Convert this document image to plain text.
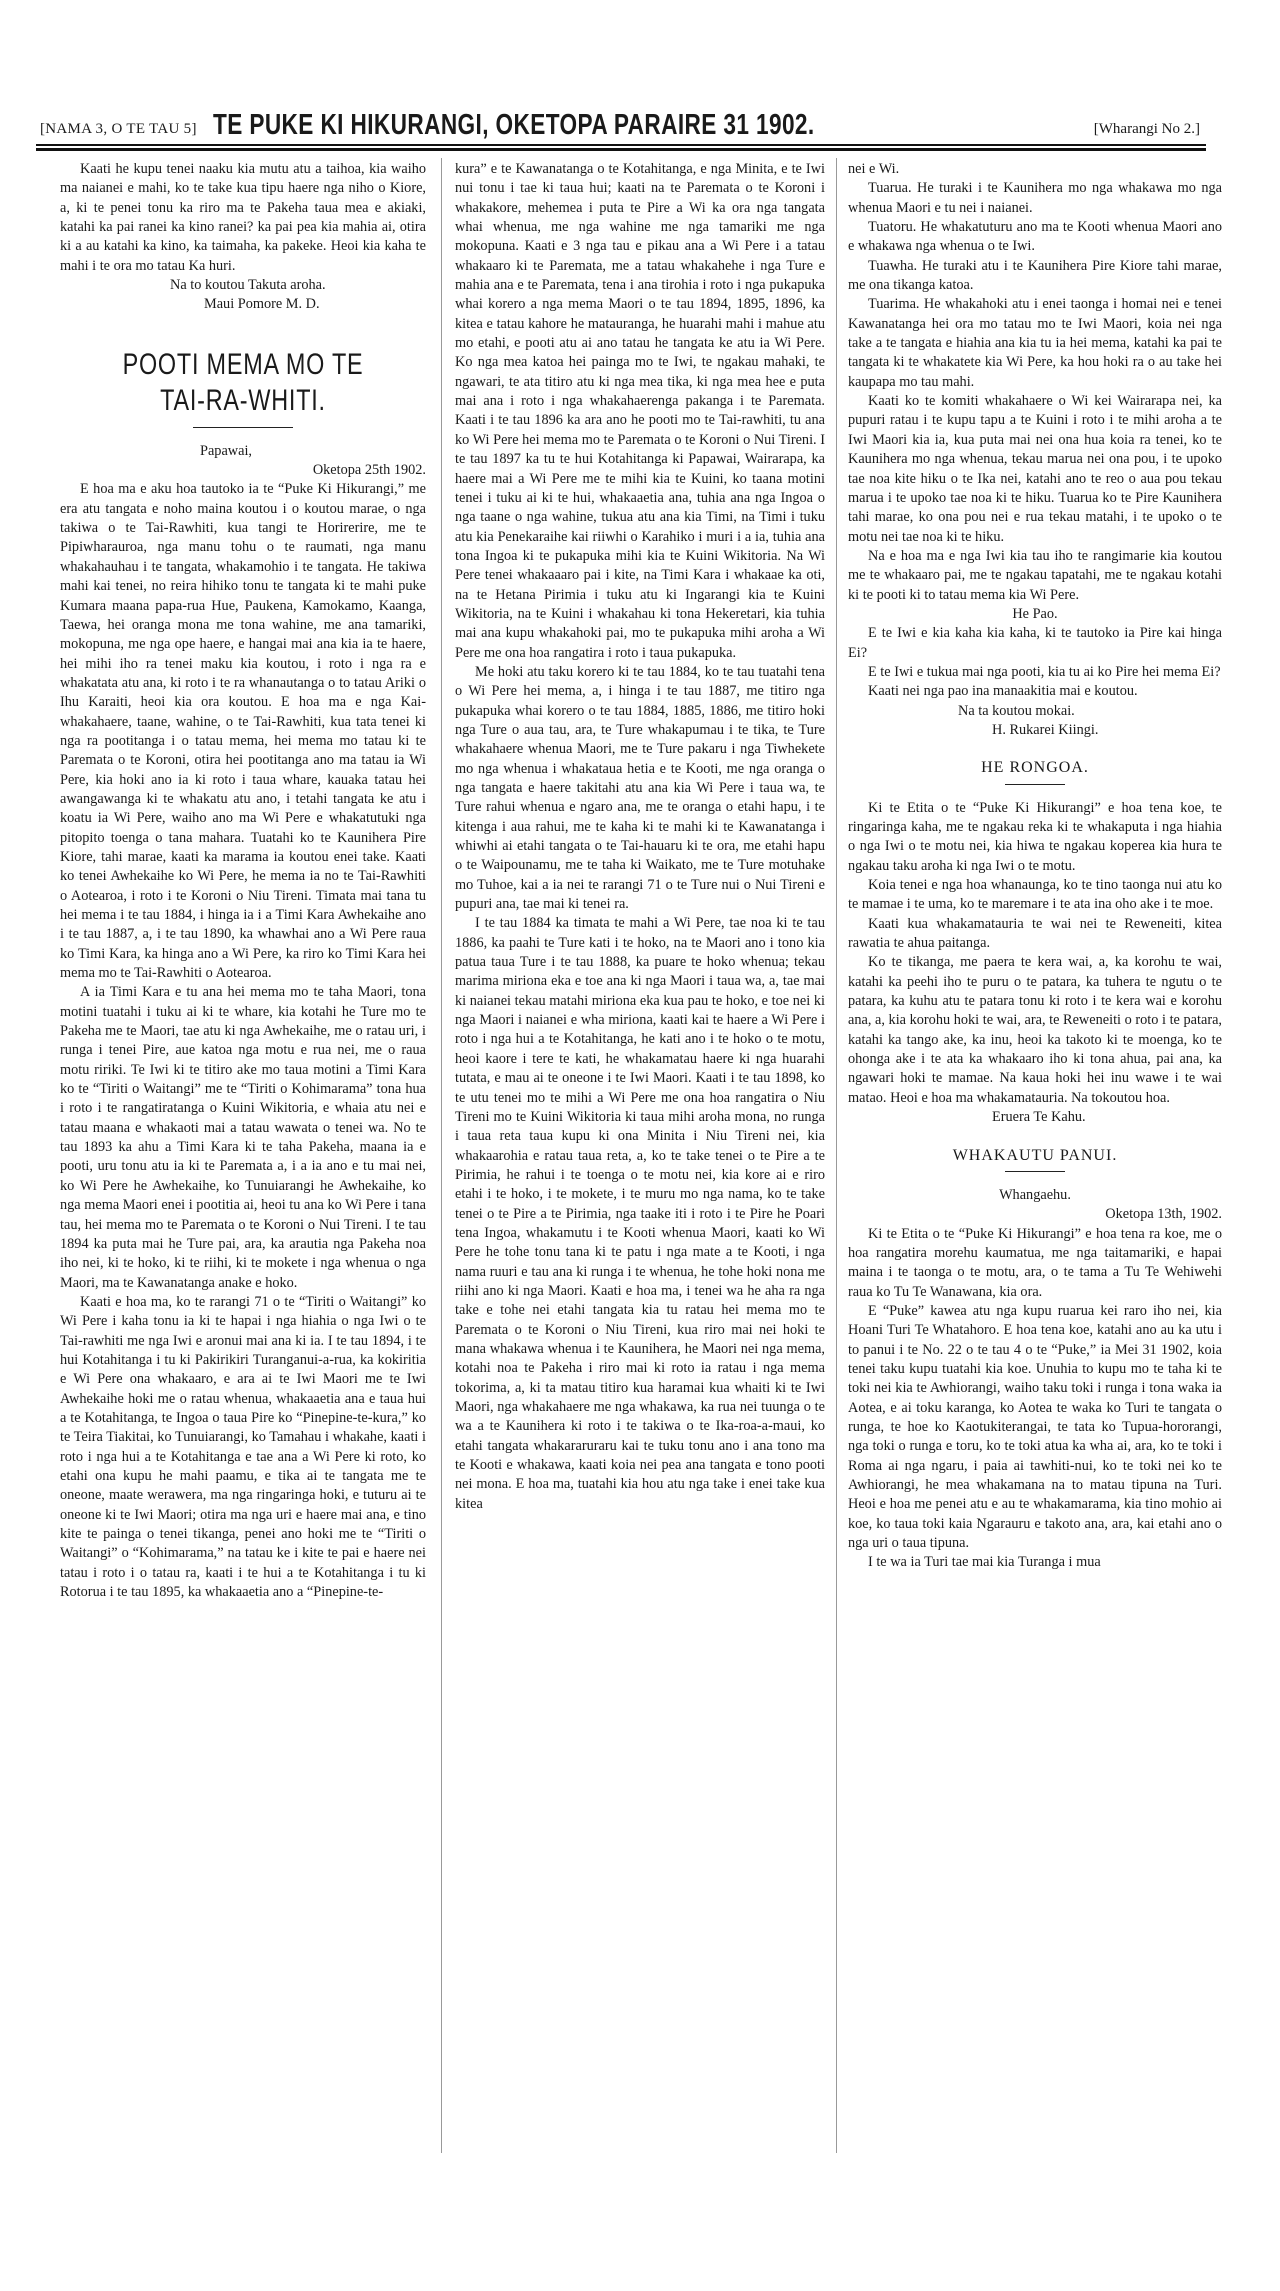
[NAMA 3, O TE TAU 5] TE PUKE KI HIKURANGI, OKETOPA PARAIRE 31 1902.	[Wharangi No 2.]

Kaati he kupu tenei naaku kia mutu atu a taihoa, kia waiho ma naianei e mahi, ko te take kua tipu haere nga niho o Kiore, a, ki te penei tonu ka riro ma te Pakeha taua mea e akiaki, katahi ka pai ranei ka kino ranei? ka pai pea kia mahia ai, otira ki a au katahi ka kino, ka taimaha, ka pakeke. Heoi kia kaha te mahi i te ora mo tatau Ka huri.

Na to koutou Takuta aroha.

Maui Pomore M. D.

POOTI MEMA MO TE TAI-RA-WHITI.

Papawai,

Oketopa 25th 1902.

E hoa ma e aku hoa tautoko ia te “Puke Ki Hikurangi,” me era atu tangata e noho maina koutou i o koutou marae, o nga takiwa o te Tai-Rawhiti, kua tangi te Horirerire, me te Pipiwharauroa, nga manu tohu o te raumati, nga manu whakahauhau i te tangata, whakamohio i te tangata. He takiwa mahi kai tenei, no reira hihiko tonu te tangata ki te mahi puke Kumara maana papa-rua Hue, Paukena, Kamokamo, Kaanga, Taewa, hei oranga mona me tona wahine, me ana tamariki, mokopuna, me nga ope haere, e hangai mai ana kia ia te haere, hei mihi iho ra tenei maku kia koutou, i roto i nga ra e whakatata atu ana, ki roto i te ra whanautanga o to tatau Ariki o Ihu Karaiti, heoi kia ora koutou. E hoa ma e nga Kai-whakahaere, taane, wahine, o te Tai-Rawhiti, kua tata tenei ki nga ra pootitanga i o tatau mema, hei mema mo tatau ki te Paremata o te Koroni, otira hei pootitanga ano ma tatau ia Wi Pere, kia hoki ano ia ki roto i taua whare, kauaka tatau hei awangawanga ki te whakatu atu ano, i tetahi tangata ke atu i koatu ia Wi Pere, waiho ano ma Wi Pere e whakatutuki nga pitopito toenga o tana mahara. Tuatahi ko te Kaunihera Pire Kiore, tahi marae, kaati ka marama ia koutou enei take. Kaati ko tenei Awhekaihe ko Wi Pere, he mema ia no te Tai-Rawhiti o Aotearoa, i roto i te Koroni o Niu Tireni. Timata mai tana tu hei mema i te tau 1884, i hinga ia i a Timi Kara Awhekaihe ano i te tau 1887, a, i te tau 1890, ka whawhai ano a Wi Pere raua ko Timi Kara, ka hinga ano a Wi Pere, ka riro ko Timi Kara hei mema mo te Tai-Rawhiti o Aotearoa.

A ia Timi Kara e tu ana hei mema mo te taha Maori, tona motini tuatahi i tuku ai ki te whare, kia kotahi he Ture mo te Pakeha me te Maori, tae atu ki nga Awhekaihe, me o ratau uri, i runga i tenei Pire, aue katoa nga motu e rua nei, me o raua motu ririki. Te Iwi ki te titiro ake mo taua motini a Timi Kara ko te “Tiriti o Waitangi” me te “Tiriti o Kohimarama” tona hua i roto i te rangatiratanga o Kuini Wikitoria, e whaia atu nei e tatau maana e whakaoti mai a tatau wawata o tenei wa. No te tau 1893 ka ahu a Timi Kara ki te taha Pakeha, maana ia e pooti, uru tonu atu ia ki te Paremata a, i a ia ano e tu mai nei, ko Wi Pere he Awhekaihe, ko Tunuiarangi he Awhekaihe, ko nga mema Maori enei i pootitia ai, heoi tu ana ko Wi Pere i tana tau, hei mema mo te Paremata o te Koroni o Nui Tireni. I te tau 1894 ka puta mai he Ture pai, ara, ka arautia nga Pakeha noa iho nei, ki te hoko, ki te riihi, ki te mokete i nga whenua o nga Maori, ma te Kawanatanga anake e hoko.

Kaati e hoa ma, ko te rarangi 71 o te “Tiriti o Waitangi” ko Wi Pere i kaha tonu ia ki te hapai i nga hiahia o nga Iwi o te Tai-rawhiti me nga Iwi e aronui mai ana ki ia. I te tau 1894, i te hui Kotahitanga i tu ki Pakirikiri Turanganui-a-rua, ka kokiritia e Wi Pere ona whakaaro, e ara ai te Iwi Maori me te Iwi Awhekaihe hoki me o ratau whenua, whakaaetia ana e taua hui a te Kotahitanga, te Ingoa o taua Pire ko “Pinepine-te-kura,” ko te Teira Tiakitai, ko Tunuiarangi, ko Tamahau i whakahe, kaati i roto i nga hui a te Kotahitanga e tae ana a Wi Pere ki roto, ko etahi ona kupu he mahi paamu, e tika ai te tangata me te oneone, maate werawera, ma nga ringaringa hoki, e tuturu ai te oneone ki te Iwi Maori; otira ma nga uri e haere mai ana, e tino kite te painga o tenei tikanga, penei ano hoki me te “Tiriti o Waitangi” o “Kohimarama,” na tatau ke i kite te pai e haere nei tatau i roto i o tatau ra, kaati i te hui a te Kotahitanga i tu ki Rotorua i te tau 1895, ka whakaaetia ano a “Pinepine-te-

kura” e te Kawanatanga o te Kotahitanga, e nga Minita, e te Iwi nui tonu i tae ki taua hui; kaati na te Paremata o te Koroni i whakakore, mehemea i puta te Pire a Wi ka ora nga tangata whai whenua, me nga wahine me nga tamariki me nga mokopuna. Kaati e 3 nga tau e pikau ana a Wi Pere i a tatau whakaaro ki te Paremata, me a tatau whakahehe i nga Ture e mahia ana e te Paremata, tena i ana tirohia i roto i nga pukapuka whai korero a nga mema Maori o te tau 1894, 1895, 1896, ka kitea e tatau kahore he matauranga, he huarahi mahi i mahue atu mo etahi, e pooti atu ai ano tatau he tangata ke atu ia Wi Pere. Ko nga mea katoa hei painga mo te Iwi, te ngakau mahaki, te ngawari, te ata titiro atu ki nga mea tika, ki nga mea hee e puta mai ana i roto i nga whakahaerenga pakanga i te Paremata. Kaati i te tau 1896 ka ara ano he pooti mo te Tai-rawhiti, tu ana ko Wi Pere hei mema mo te Paremata o te Koroni o Nui Tireni. I te tau 1897 ka tu te hui Kotahitanga ki Papawai, Wairarapa, ka haere mai a Wi Pere me te mihi kia te Kuini, ko taana motini tenei i tuku ai ki te hui, whakaaetia ana, tuhia ana nga Ingoa o nga taane o nga wahine, tukua atu ana kia Timi, na Timi i tuku atu kia Penekaraihe kai riiwhi o Karahiko i muri i a ia, tuhia ana tona Ingoa ki te pukapuka mihi kia te Kuini Wikitoria. Na Wi Pere tenei whakaaaro pai i kite, na Timi Kara i whakaae ka oti, na te Hetana Pirimia i tuku atu ki Ingarangi kia te Kuini Wikitoria, na te Kuini i whakahau ki tona Hekeretari, kia tuhia mai ana kupu whakahoki pai, mo te pukapuka mihi aroha a Wi Pere me ona hoa rangatira i roto i taua pukapuka.

Me hoki atu taku korero ki te tau 1884, ko te tau tuatahi tena o Wi Pere hei mema, a, i hinga i te tau 1887, me titiro nga pukapuka whai korero o te tau 1884, 1885, 1886, me titiro hoki nga Ture o aua tau, ara, te Ture whakapumau i te tika, te Ture whakahaere whenua Maori, me te Ture pakaru i nga Tiwhekete mo nga whenua i whakataua hetia e te Kooti, me nga oranga o nga tangata e haere takitahi atu ana kia Wi Pere i taua wa, te Ture rahui whenua e ngaro ana, me te oranga o etahi hapu, i te kitenga i aua rahui, me te kaha ki te mahi ki te Kawanatanga i whiwhi ai etahi tangata o te Tai-hauaru ki te ora, me etahi hapu o te Waipounamu, me te taha ki Waikato, me te Ture motuhake mo Tuhoe, kai a ia nei te rarangi 71 o te Ture nui o Nui Tireni e pupuri ana, tae mai ki tenei ra.

I te tau 1884 ka timata te mahi a Wi Pere, tae noa ki te tau 1886, ka paahi te Ture kati i te hoko, na te Maori ano i tono kia patua taua Ture i te tau 1888, ka puare te hoko whenua; tekau marima miriona eka e toe ana ki nga Maori i taua wa, a, tae mai ki naianei tekau matahi miriona eka kua pau te hoko, e toe nei ki nga Maori i naianei e wha miriona, kaati kai te haere a Wi Pere i roto i nga hui a te Kotahitanga, he kati ano i te hoko o te motu, heoi kaore i tere te kati, he whakamatau haere ki nga huarahi tutata, e mau ai te oneone i te Iwi Maori. Kaati i te tau 1898, ko te utu tenei mo te mihi a Wi Pere me ona hoa rangatira o Niu Tireni mo te Kuini Wikitoria ki taua mihi aroha mona, no runga i taua reta taua kupu ki ona Minita i Niu Tireni nei, kia whakaarohia e ratau taua reta, a, ko te take tenei o te Pire a te Pirimia, he rahui i te toenga o te motu nei, kia kore ai e riro etahi i te hoko, i te mokete, i te muru mo nga nama, ko te take tenei o te Pire a te Pirimia, nga taake iti i roto i te Pire he Poari tena Ingoa, whakamutu i te Kooti whenua Maori, kaati ko Wi Pere he tohe tonu tana ki te patu i nga mate a te Kooti, i nga nama ruuri e tau ana ki runga i te whenua, he tohe hoki nona me riihi ano ki nga Maori. Kaati e hoa ma, i tenei wa he aha ra nga take e tohe nei etahi tangata kia tu ratau hei mema mo te Paremata o te Koroni o Niu Tireni, kua riro mai nei hoki te mana whakawa whenua i te Kaunihera, he Maori nei nga mema, kotahi noa te Pakeha i riro mai ki roto ia ratau i nga mema tokorima, a, ki ta matau titiro kua haramai kua whaiti ki te Iwi Maori, nga whakahaere me nga whakawa, ka rua nei tuunga o te wa a te Kaunihera ki roto i te takiwa o te Ika-roa-a-maui, ko etahi tangata whakararuraru kai te tuku tonu ano i ana tono ma te Kooti e whakawa, kaati koia nei pea ana tangata e tono pooti nei mona. E hoa ma, tuatahi kia hou atu nga take i enei take kua kitea

nei e Wi.

Tuarua. He turaki i te Kaunihera mo nga whakawa mo nga whenua Maori e tu nei i naianei.

Tuatoru. He whakatuturu ano ma te Kooti whenua Maori ano e whakawa nga whenua o te Iwi.

Tuawha. He turaki atu i te Kaunihera Pire Kiore tahi marae, me ona tikanga katoa.

Tuarima. He whakahoki atu i enei taonga i homai nei e tenei Kawanatanga hei ora mo tatau mo te Iwi Maori, koia nei nga take a te tangata e hiahia ana kia tu ia hei mema, katahi ka pai te tangata ki te whakatete kia Wi Pere, ka hou hoki ra o au take hei kaupapa mo tau mahi.

Kaati ko te komiti whakahaere o Wi kei Wairarapa nei, ka pupuri ratau i te kupu tapu a te Kuini i roto i te mihi aroha a te Iwi Maori kia ia, kua puta mai nei ona hua koia ra tenei, ko te Kaunihera mo nga whenua, tekau marua nei ona pou, i te upoko tae noa kite hiku o te Ika nei, katahi ano te reo o aua pou tekau marua i te upoko tae noa ki te hiku. Tuarua ko te Pire Kaunihera tahi marae, ko ona pou nei e rua tekau matahi, i te upoko o te motu nei tae noa ki te hiku.

Na e hoa ma e nga Iwi kia tau iho te rangimarie kia koutou me te whakaaro pai, me te ngakau tapatahi, me te ngakau kotahi ki te pooti ki to tatau mema kia Wi Pere.

He Pao.

E te Iwi e kia kaha kia kaha, ki te tautoko ia Pire kai hinga Ei?

E te Iwi e tukua mai nga pooti, kia tu ai ko Pire hei mema Ei?

Kaati nei nga pao ina manaakitia mai e koutou.

Na ta koutou mokai.

H. Rukarei Kiingi.

HE RONGOA.

Ki te Etita o te “Puke Ki Hikurangi” e hoa tena koe, te ringaringa kaha, me te ngakau reka ki te whakaputa i nga hiahia o nga Iwi o te motu nei, kia hiwa te ngakau koperea kia hura te ngakau taku aroha ki nga Iwi o te motu.

Koia tenei e nga hoa whanaunga, ko te tino taonga nui atu ko te mamae i te uma, ko te maremare i te ata ina oho ake i te moe.

Kaati kua whakamatauria te wai nei te Reweneiti, kitea rawatia te ahua paitanga.

Ko te tikanga, me paera te kera wai, a, ka korohu te wai, katahi ka peehi iho te puru o te patara, ka tuhera te ngutu o te patara, ka kuhu atu te patara tonu ki roto i te kera wai e korohu ana, a, kia korohu hoki te wai, ara, te Reweneiti o roto i te patara, katahi ka tango ake, ka inu, heoi ka takoto ki te moenga, ko te ohonga ake i te ata ka whakaaro iho ki tona ahua, pai ana, ka ngawari hoki te mamae. Na kaua hoki hei inu wawe i te wai matao. Heoi e hoa ma whakamatauria. Na tokoutou hoa.

Eruera Te Kahu.

WHAKAUTU PANUI.

Whangaehu.

Oketopa 13th, 1902.

Ki te Etita o te “Puke Ki Hikurangi” e hoa tena ra koe, me o hoa rangatira morehu kaumatua, me nga taitamariki, e hapai maina i te taonga o te motu, ara, o te tama a Tu Te Wehiwehi raua ko Tu Te Wanawana, kia ora.

E “Puke” kawea atu nga kupu ruarua kei raro iho nei, kia Hoani Turi Te Whatahoro. E hoa tena koe, katahi ano au ka utu i to panui i te No. 22 o te tau 4 o te “Puke,” ia Mei 31 1902, koia tenei taku kupu tuatahi kia koe. Unuhia to kupu mo te taha ki te toki nei kia te Awhiorangi, waiho taku toki i runga i tona waka ia Aotea, e ai toku karanga, ko Aotea te waka ko Turi te tangata o runga, te hoe ko Kaotukiterangai, te tata ko Tupua-hororangi, nga toki o runga e toru, ko te toki atua ka wha ai, ara, ko te toki i Roma ai nga ngaru, i paia ai tawhiti-nui, ko te toki nei ko te Awhiorangi, he mea whakamana na to matau tipuna na Turi. Heoi e hoa me penei atu e au te whakamarama, kia tino mohio ai koe, ko taua toki kaia Ngarauru e takoto ana, ara, kai etahi ano o nga uri o taua tipuna.

I te wa ia Turi tae mai kia Turanga i mua
